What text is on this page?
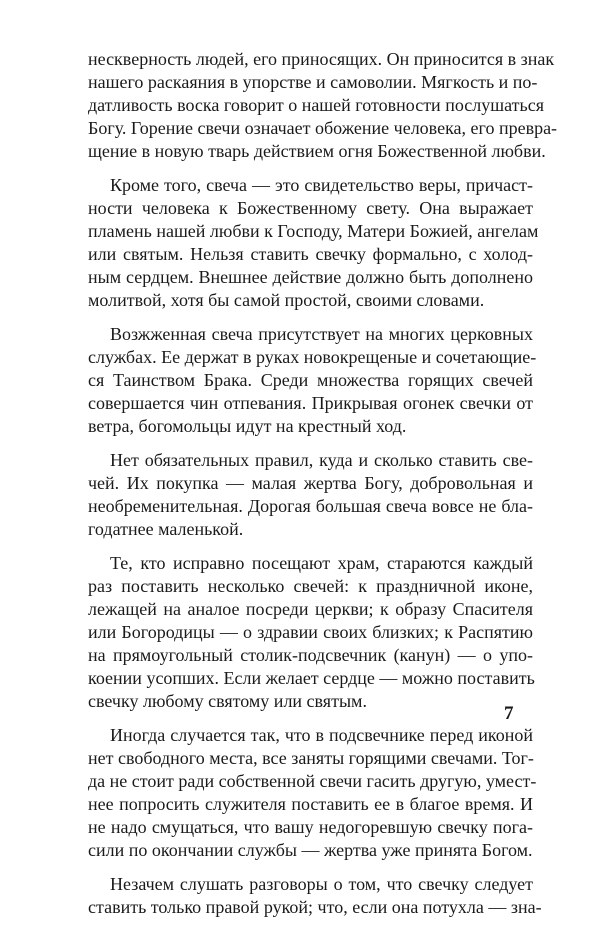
нескверность людей, его приносящих. Он приносится в знак
нашего раскаяния в упорстве и самоволии. Мягкость и по-
датливость воска говорит о нашей готовности послушаться
Богу. Горение свечи означает обожение человека, его превра-
щение в новую тварь действием огня Божественной любви.
Кроме того, свеча — это свидетельство веры, причаст-
ности человека к Божественному свету. Она выражает
пламень нашей любви к Господу, Матери Божией, ангелам
или святым. Нельзя ставить свечку формально, с холод-
ным сердцем. Внешнее действие должно быть дополнено
молитвой, хотя бы самой простой, своими словами.
Возжженная свеча присутствует на многих церковных
службах. Ее держат в руках новокрещеные и сочетающие-
ся Таинством Брака. Среди множества горящих свечей
совершается чин отпевания. Прикрывая огонек свечки от
ветра, богомольцы идут на крестный ход.
Нет обязательных правил, куда и сколько ставить све-
чей. Их покупка — малая жертва Богу, добровольная и
необременительная. Дорогая большая свеча вовсе не бла-
годатнее маленькой.
Те, кто исправно посещают храм, стараются каждый
раз поставить несколько свечей: к праздничной иконе,
лежащей на аналое посреди церкви; к образу Спасителя
или Богородицы — о здравии своих близких; к Распятию
на прямоугольный столик-подсвечник (канун) — о упо-
коении усопших. Если желает сердце — можно поставить
свечку любому святому или святым.
Иногда случается так, что в подсвечнике перед иконой
нет свободного места, все заняты горящими свечами. Тог-
да не стоит ради собственной свечи гасить другую, умест‐
нее попросить служителя поставить ее в благое время. И
не надо смущаться, что вашу недогоревшую свечку пога-
сили по окончании службы — жертва уже принята Богом.
Незачем слушать разговоры о том, что свечку следует
ставить только правой рукой; что, если она потухла — зна-
7
